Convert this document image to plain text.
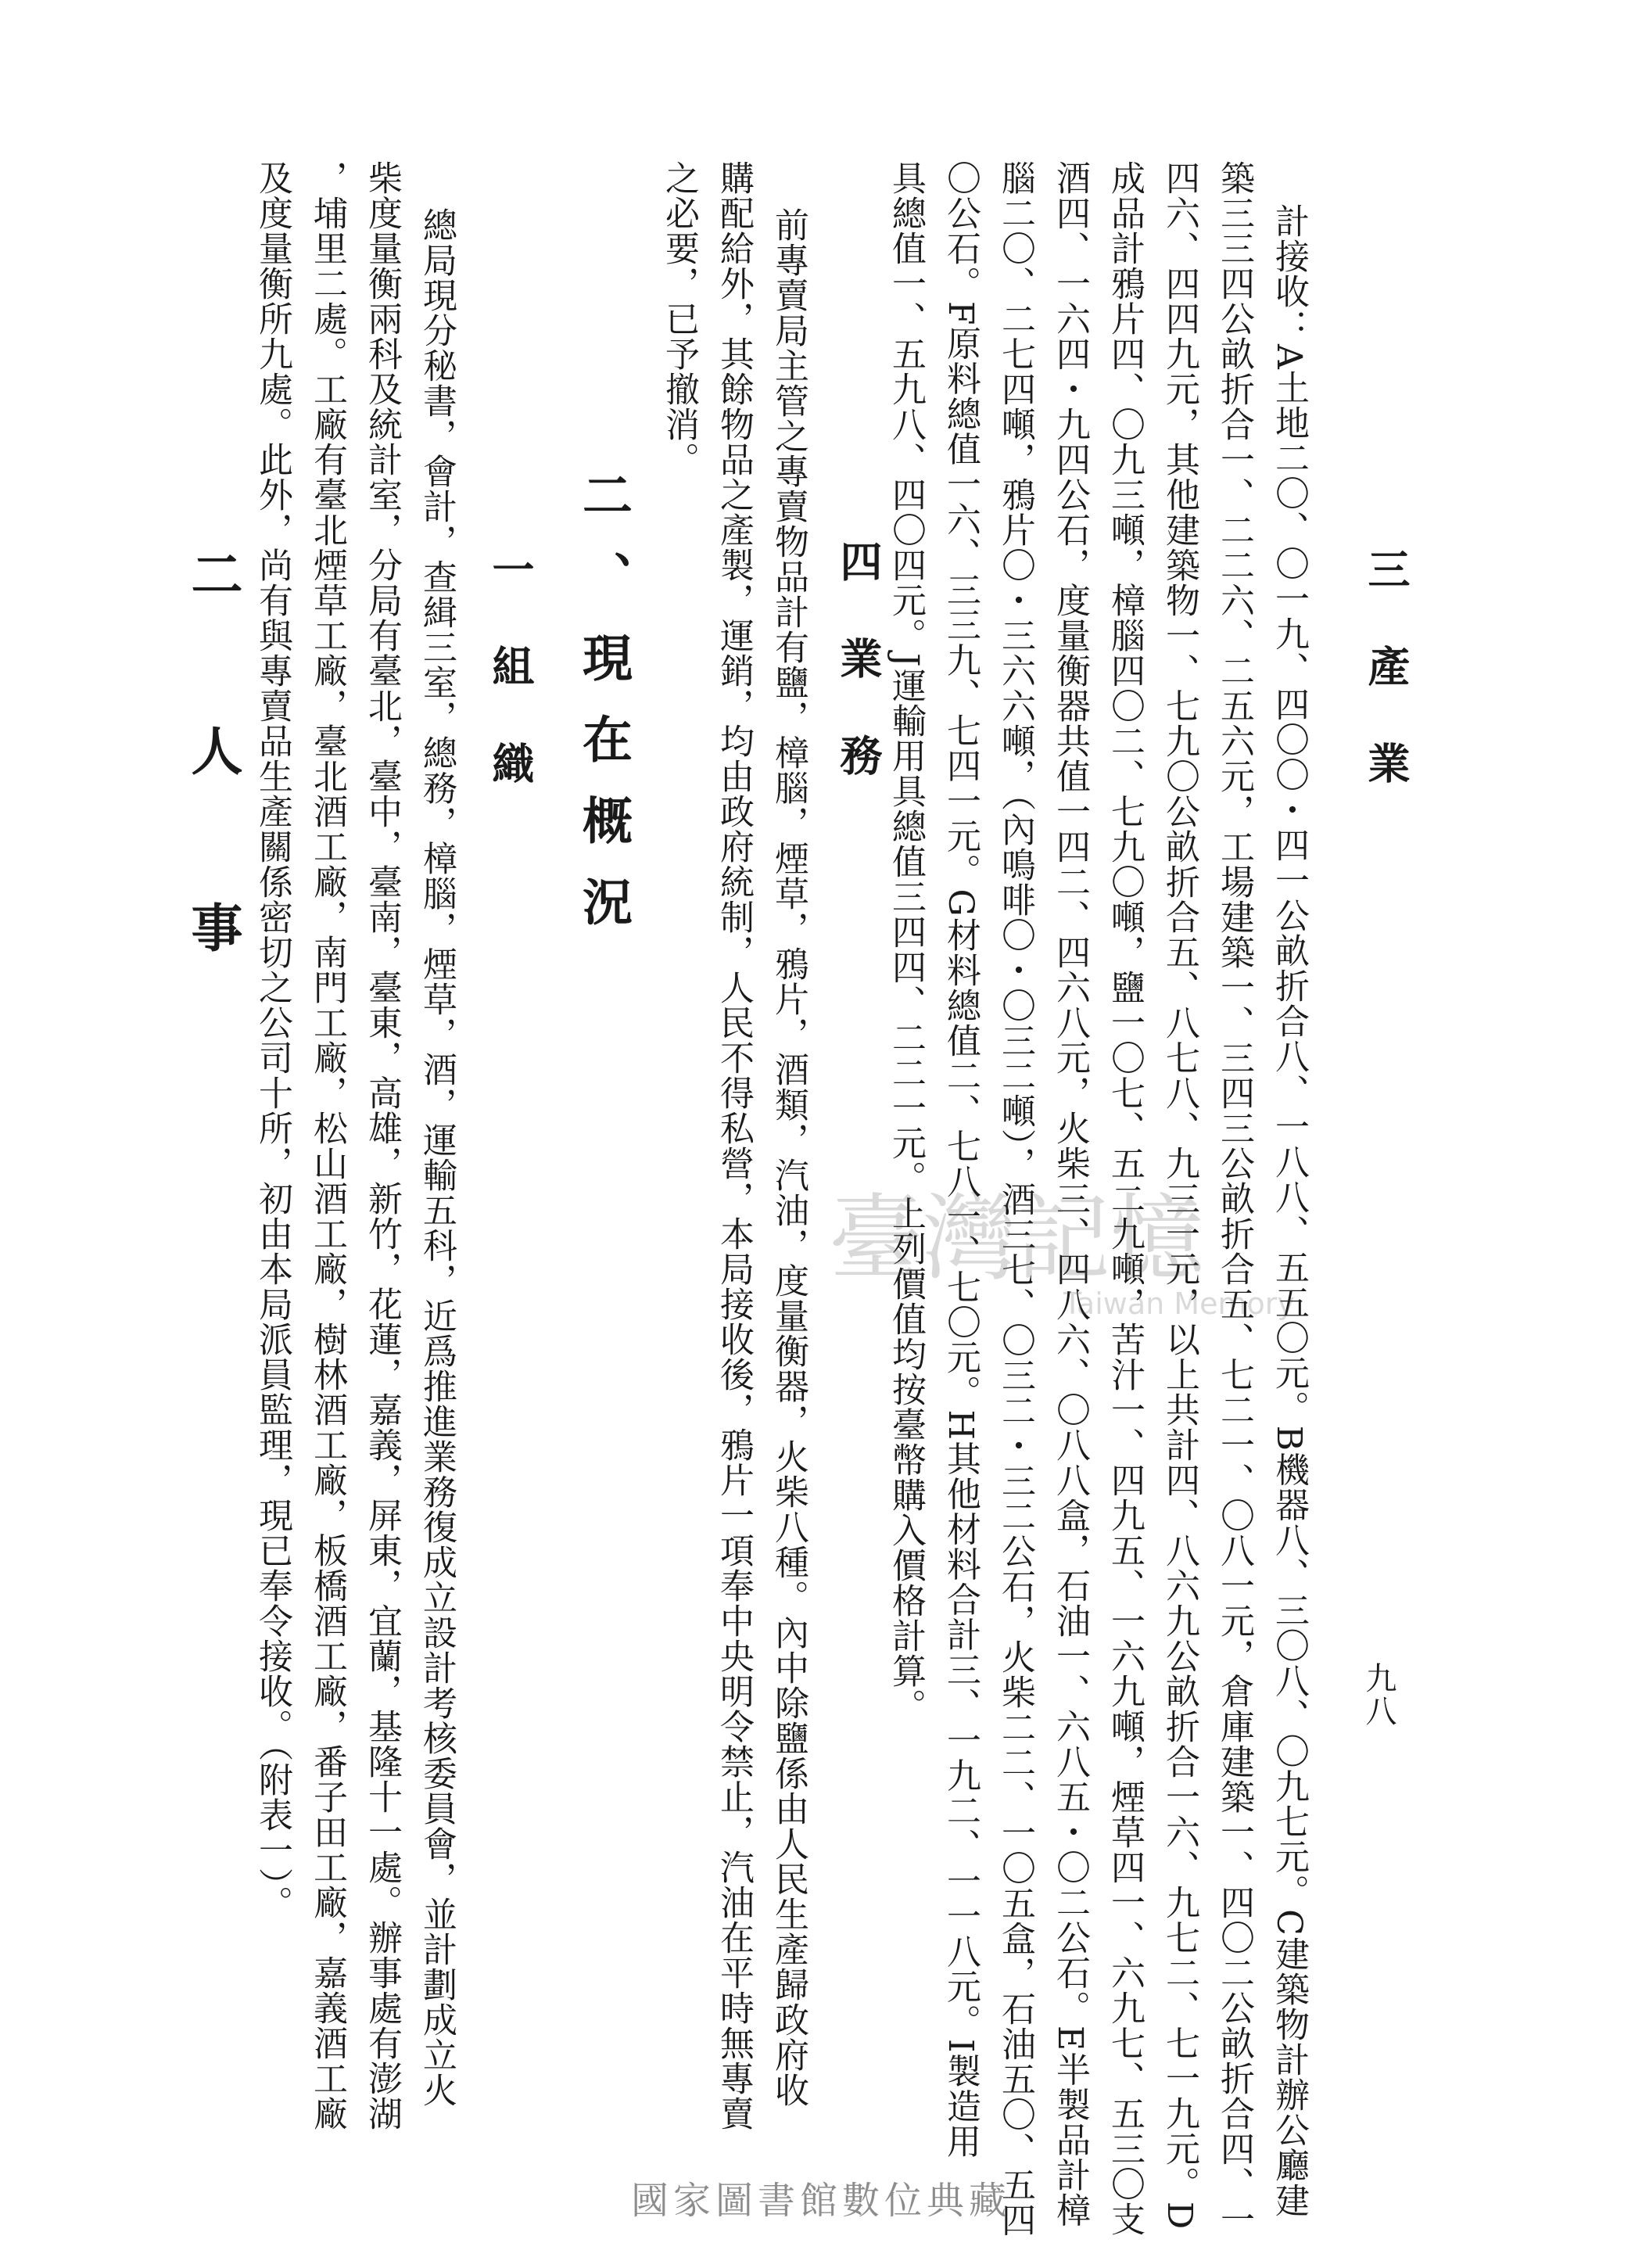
九八
三產業
計接收：A土地二〇、〇一九、四〇〇・四一公畝折合八、一八八、五五〇元。B機器八、三〇八、〇九七元。C建築物計辦公廳建
築三三四公畝折合一、二二六、二五六元，工場建築一、三四三公畝折合五、七二一、〇八一元，倉庫建築一、四〇二公畝折合四、一
四六、四四九元，其他建築物一、七九〇公畝折合五、八七八、九三一元，以上共計四、八六九公畝折合一六、九七二、七一九元。D
成品計鴉片四、〇九三噸，樟腦四〇二、七九〇噸，鹽一〇七、五二九噸，苦汁一、四九五、一六九噸，煙草四一、六九七、五三〇支
酒四、一六四・九四公石，度量衡器共值一四二、四六八元，火柴三、四八六、〇八八盒，石油一、六八五・〇二公石。E半製品計樟
腦二〇、二七四噸，鴉片〇・三六六噸，（內鳴啡〇・〇三二噸），酒三七、〇三二・三二公石，火柴二二、一〇五盒，石油五〇、五四
〇公石。F原料總值一六、三三九、七四一元。G材料總值二、七八一、七〇元。H其他材料合計三、一九二、一一八元。I製造用
具總值一、五九八、四〇四元。J運輸用具總值三四四、二二一元。上列價值均按臺幣購入價格計算。
四業務
前專賣局主管之專賣物品計有鹽，樟腦，煙草，鴉片，酒類，汽油，度量衡器，火柴八種。內中除鹽係由人民生產歸政府收
購配給外，其餘物品之產製，運銷，均由政府統制，人民不得私營，本局接收後，鴉片一項奉中央明令禁止，汽油在平時無專賣
之必要，已予撤消。
二、現在概況
一組織
總局現分秘書，會計，查緝三室，總務，樟腦，煙草，酒，運輸五科，近爲推進業務復成立設計考核委員會，並計劃成立火
柴度量衡兩科及統計室，分局有臺北，臺中，臺南，臺東，高雄，新竹，花蓮，嘉義，屏東，宜蘭，基隆十一處。辦事處有澎湖
，埔里二處。工廠有臺北煙草工廠，臺北酒工廠，南門工廠，松山酒工廠，樹林酒工廠，板橋酒工廠，番子田工廠，嘉義酒工廠
及度量衡所九處。此外，尚有與專賣品生產關係密切之公司十所，初由本局派員監理，現已奉令接收。（附表一）。
二人事
臺灣記憶
Taiwan Memory
國家圖書館數位典藏
